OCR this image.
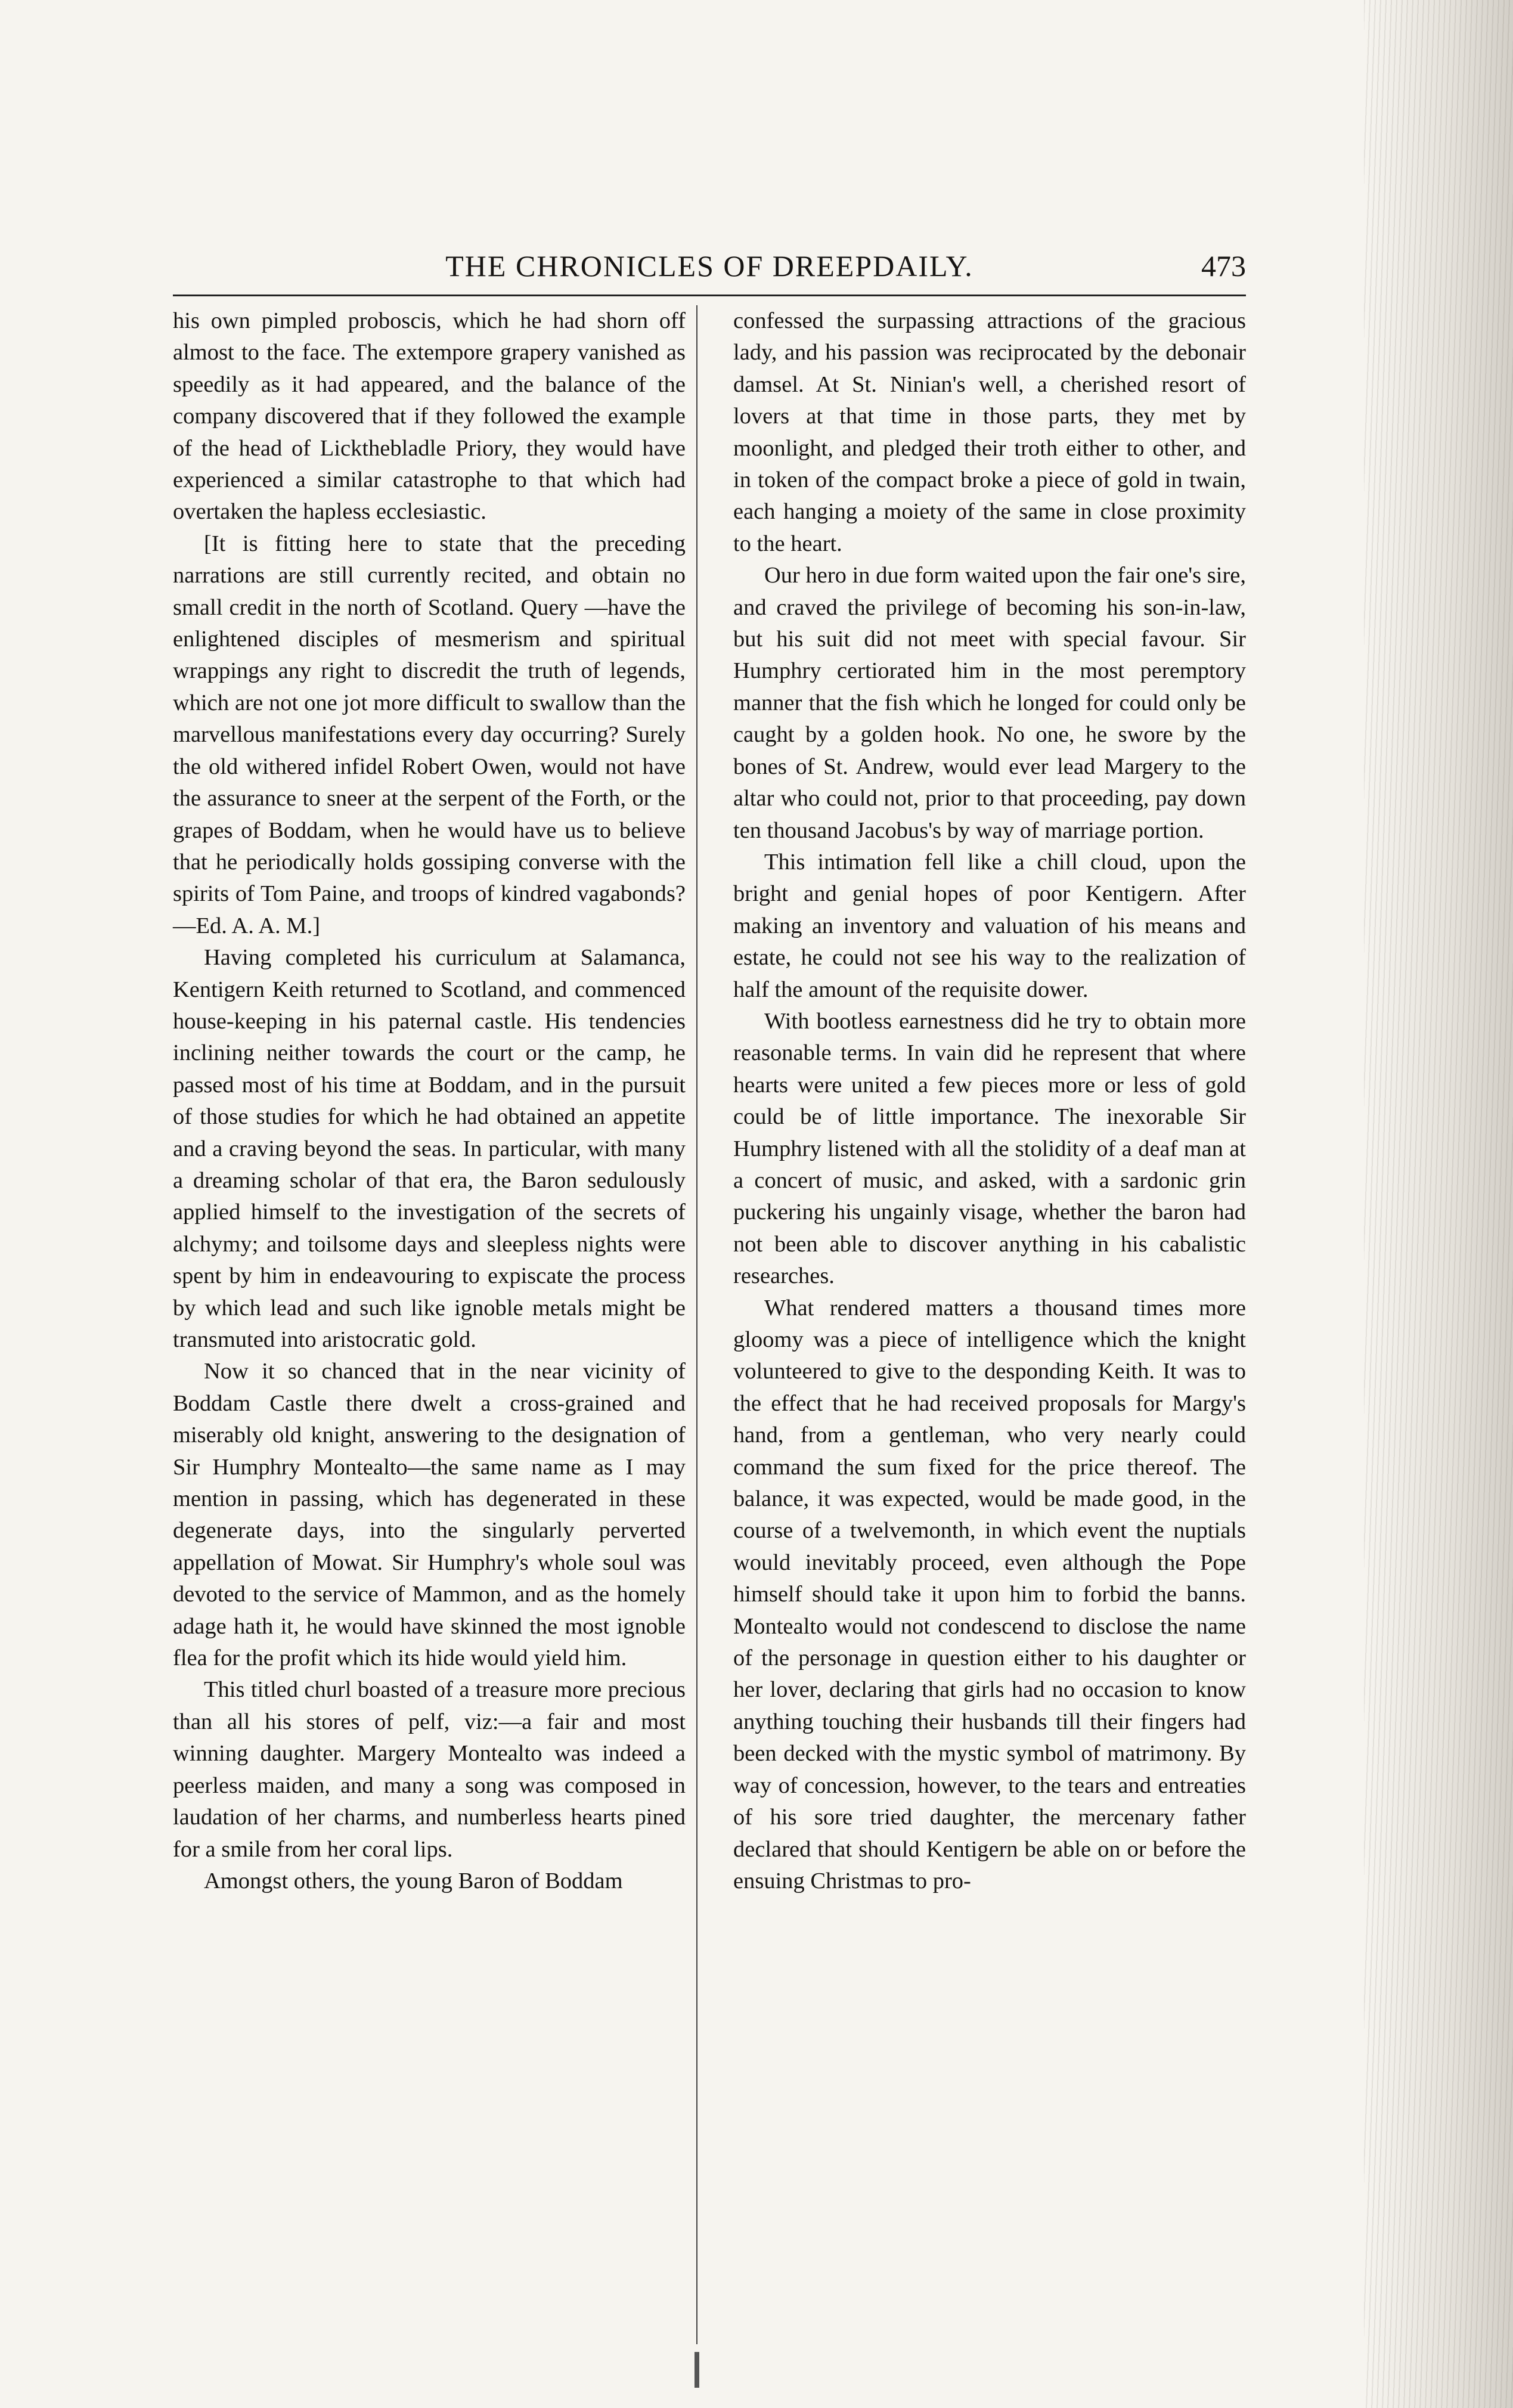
THE CHRONICLES OF DREEPDAILY.	473

his own pimpled proboscis, which he had shorn off almost to the face. The extempore grapery vanished as speedily as it had appeared, and the balance of the company discovered that if they followed the example of the head of Lickthebladle Priory, they would have experienced a similar catastrophe to that which had overtaken the hapless ecclesiastic.

[It is fitting here to state that the preceding narrations are still currently recited, and obtain no small credit in the north of Scotland. Query —have the enlightened disciples of mesmerism and spiritual wrappings any right to discredit the truth of legends, which are not one jot more difficult to swallow than the marvellous manifestations every day occurring? Surely the old withered infidel Robert Owen, would not have the assurance to sneer at the serpent of the Forth, or the grapes of Boddam, when he would have us to believe that he periodically holds gossiping converse with the spirits of Tom Paine, and troops of kindred vagabonds?—Ed. A. A. M.]

Having completed his curriculum at Salamanca, Kentigern Keith returned to Scotland, and commenced house-keeping in his paternal castle. His tendencies inclining neither towards the court or the camp, he passed most of his time at Boddam, and in the pursuit of those studies for which he had obtained an appetite and a craving beyond the seas. In particular, with many a dreaming scholar of that era, the Baron sedulously applied himself to the investigation of the secrets of alchymy; and toilsome days and sleepless nights were spent by him in endeavouring to expiscate the process by which lead and such like ignoble metals might be transmuted into aristocratic gold.

Now it so chanced that in the near vicinity of Boddam Castle there dwelt a cross-grained and miserably old knight, answering to the designation of Sir Humphry Montealto—the same name as I may mention in passing, which has degenerated in these degenerate days, into the singularly perverted appellation of Mowat. Sir Humphry's whole soul was devoted to the service of Mammon, and as the homely adage hath it, he would have skinned the most ignoble flea for the profit which its hide would yield him.

This titled churl boasted of a treasure more precious than all his stores of pelf, viz:—a fair and most winning daughter. Margery Montealto was indeed a peerless maiden, and many a song was composed in laudation of her charms, and numberless hearts pined for a smile from her coral lips.

Amongst others, the young Baron of Boddam

confessed the surpassing attractions of the gracious lady, and his passion was reciprocated by the debonair damsel. At St. Ninian's well, a cherished resort of lovers at that time in those parts, they met by moonlight, and pledged their troth either to other, and in token of the compact broke a piece of gold in twain, each hanging a moiety of the same in close proximity to the heart.

Our hero in due form waited upon the fair one's sire, and craved the privilege of becoming his son-in-law, but his suit did not meet with special favour. Sir Humphry certiorated him in the most peremptory manner that the fish which he longed for could only be caught by a golden hook. No one, he swore by the bones of St. Andrew, would ever lead Margery to the altar who could not, prior to that proceeding, pay down ten thousand Jacobus's by way of marriage portion.

This intimation fell like a chill cloud, upon the bright and genial hopes of poor Kentigern. After making an inventory and valuation of his means and estate, he could not see his way to the realization of half the amount of the requisite dower.

With bootless earnestness did he try to obtain more reasonable terms. In vain did he represent that where hearts were united a few pieces more or less of gold could be of little importance. The inexorable Sir Humphry listened with all the stolidity of a deaf man at a concert of music, and asked, with a sardonic grin puckering his ungainly visage, whether the baron had not been able to discover anything in his cabalistic researches.

What rendered matters a thousand times more gloomy was a piece of intelligence which the knight volunteered to give to the desponding Keith. It was to the effect that he had received proposals for Margy's hand, from a gentleman, who very nearly could command the sum fixed for the price thereof. The balance, it was expected, would be made good, in the course of a twelvemonth, in which event the nuptials would inevitably proceed, even although the Pope himself should take it upon him to forbid the banns. Montealto would not condescend to disclose the name of the personage in question either to his daughter or her lover, declaring that girls had no occasion to know anything touching their husbands till their fingers had been decked with the mystic symbol of matrimony. By way of concession, however, to the tears and entreaties of his sore tried daughter, the mercenary father declared that should Kentigern be able on or before the ensuing Christmas to pro-
